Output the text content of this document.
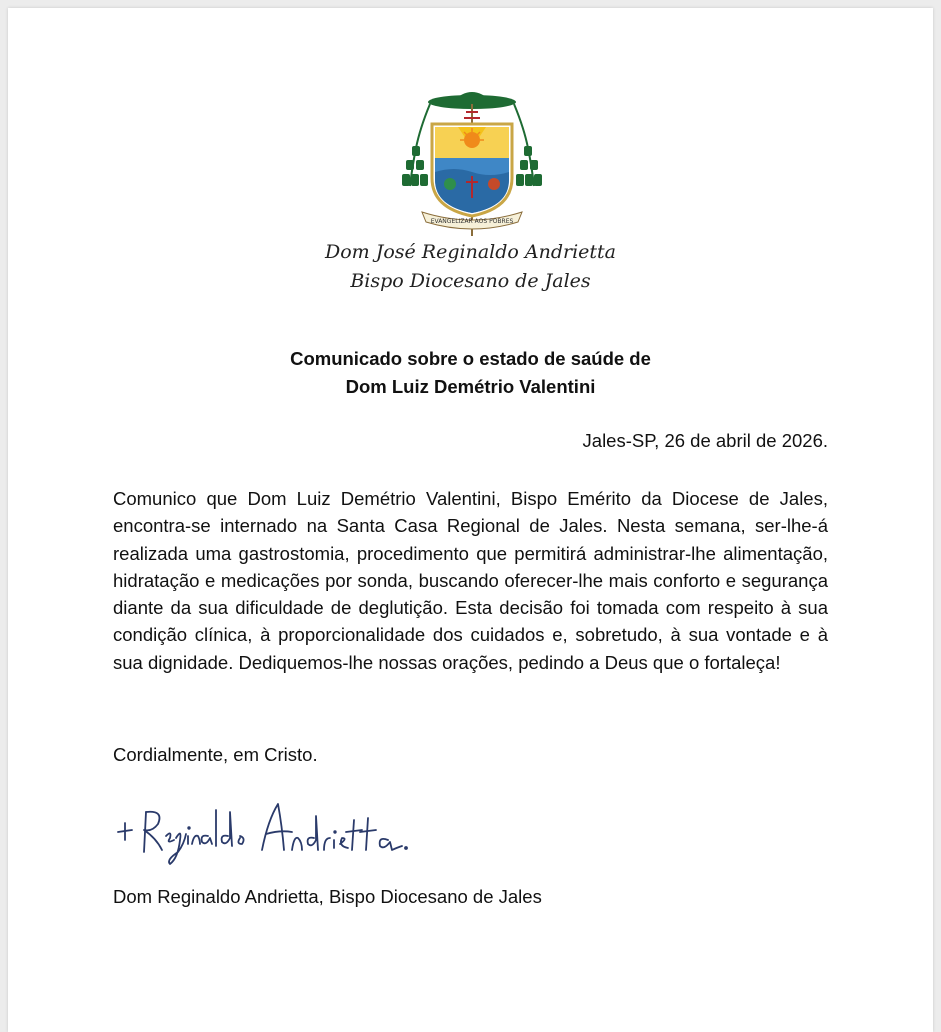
EVANGELIZAR AOS POBRES
Dom José Reginaldo Andrietta
Bispo Diocesano de Jales
Comunicado sobre o estado de saúde de
Dom Luiz Demétrio Valentini
Jales-SP, 26 de abril de 2026.

Comunico que Dom Luiz Demétrio Valentini, Bispo Emérito da Diocese de Jales, encontra-se internado na Santa Casa Regional de Jales. Nesta semana, ser-lhe-á realizada uma gastrostomia, procedimento que permitirá administrar-lhe alimentação, hidratação e medicações por sonda, buscando oferecer-lhe mais conforto e segurança diante da sua dificuldade de deglutição. Esta decisão foi tomada com respeito à sua condição clínica, à proporcionalidade dos cuidados e, sobretudo, à sua vontade e à sua dignidade. Dediquemos-lhe nossas orações, pedindo a Deus que o fortaleça!

Cordialmente, em Cristo.
Dom Reginaldo Andrietta, Bispo Diocesano de Jales
